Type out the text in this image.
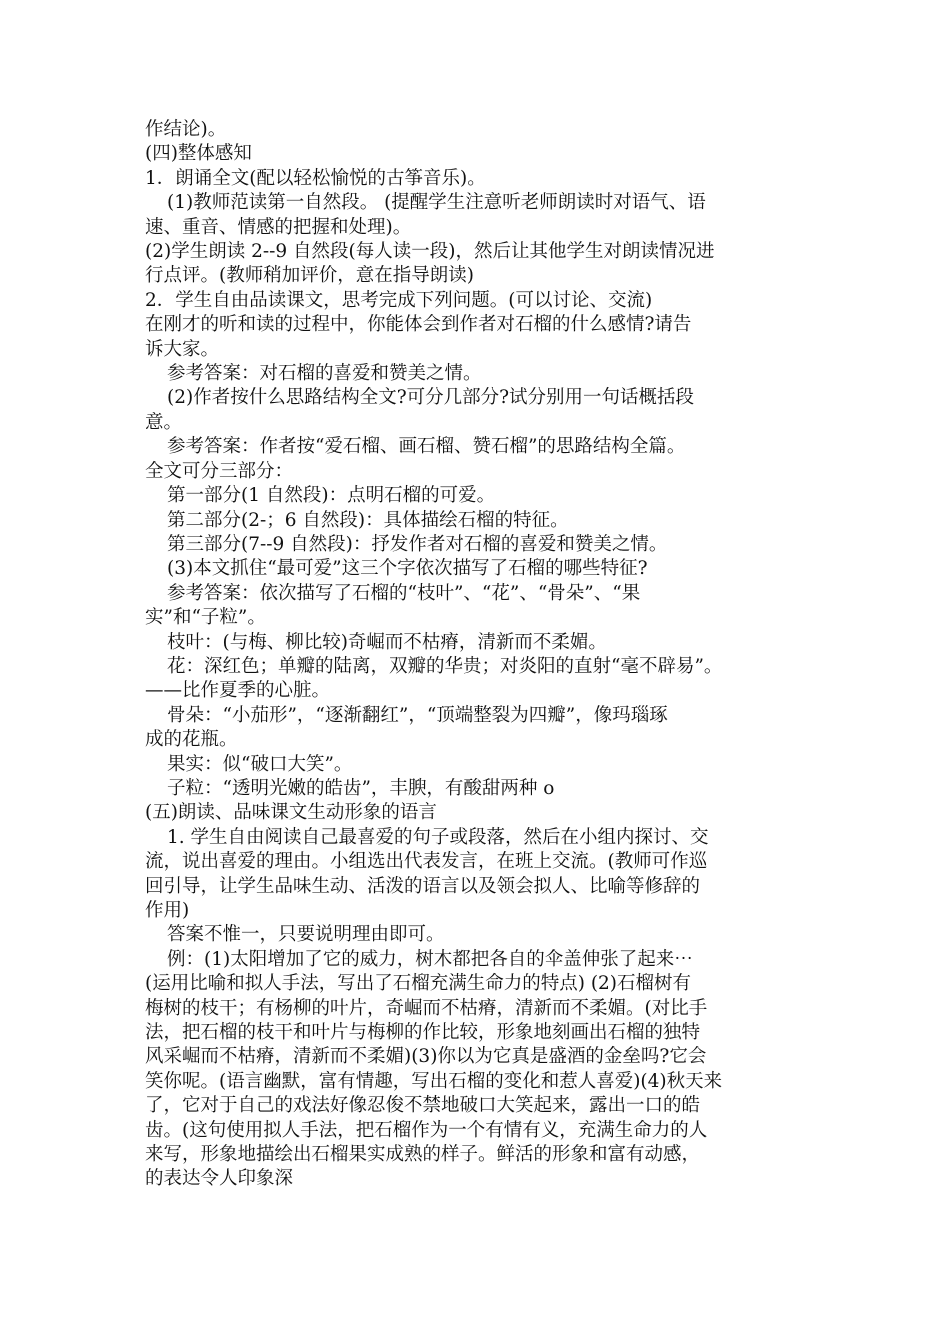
作结论)。
(四)整体感知
1．朗诵全文(配以轻松愉悦的古筝音乐)。
(1)教师范读第一自然段。 (提醒学生注意听老师朗读时对语气、语
速、重音、情感的把握和处理)。
(2)学生朗读 2--9 自然段(每人读一段)，然后让其他学生对朗读情况进
行点评。(教师稍加评价，意在指导朗读)
2．学生自由品读课文，思考完成下列问题。(可以讨论、交流)
在刚才的听和读的过程中，你能体会到作者对石榴的什么感情?请告
诉大家。
参考答案：对石榴的喜爱和赞美之情。
(2)作者按什么思路结构全文?可分几部分?试分别用一句话概括段
意。
参考答案：作者按“爱石榴、画石榴、赞石榴”的思路结构全篇。
全文可分三部分：
第一部分(1 自然段)：点明石榴的可爱。
第二部分(2-；6 自然段)：具体描绘石榴的特征。
第三部分(7--9 自然段)：抒发作者对石榴的喜爱和赞美之情。
(3)本文抓住“最可爱”这三个字依次描写了石榴的哪些特征?
参考答案：依次描写了石榴的“枝叶”、“花”、“骨朵”、“果
实”和“子粒”。
枝叶：(与梅、柳比较)奇崛而不枯瘠，清新而不柔媚。
花：深红色；单瓣的陆离，双瓣的华贵；对炎阳的直射“毫不辟易”。
——比作夏季的心脏。
骨朵：“小茄形”，“逐渐翻红”，“顶端整裂为四瓣”，像玛瑙琢
成的花瓶。
果实：似“破口大笑”。
子粒：“透明光嫩的皓齿”，丰腴，有酸甜两种 o
(五)朗读、品味课文生动形象的语言
1. 学生自由阅读自己最喜爱的句子或段落，然后在小组内探讨、交
流，说出喜爱的理由。小组选出代表发言，在班上交流。(教师可作巡
回引导，让学生品味生动、活泼的语言以及领会拟人、比喻等修辞的
作用)
答案不惟一，只要说明理由即可。
例：(1)太阳增加了它的威力，树木都把各自的伞盖伸张了起来⋯
(运用比喻和拟人手法，写出了石榴充满生命力的特点) (2)石榴树有
梅树的枝干；有杨柳的叶片，奇崛而不枯瘠，清新而不柔媚。(对比手
法，把石榴的枝干和叶片与梅柳的作比较，形象地刻画出石榴的独特
风采崛而不枯瘠，清新而不柔媚)(3)你以为它真是盛酒的金垒吗?它会
笑你呢。(语言幽默，富有情趣，写出石榴的变化和惹人喜爱)(4)秋天来
了，它对于自己的戏法好像忍俊不禁地破口大笑起来，露出一口的皓
齿。(这句使用拟人手法，把石榴作为一个有情有义，充满生命力的人
来写，形象地描绘出石榴果实成熟的样子。鲜活的形象和富有动感，
的表达令人印象深
